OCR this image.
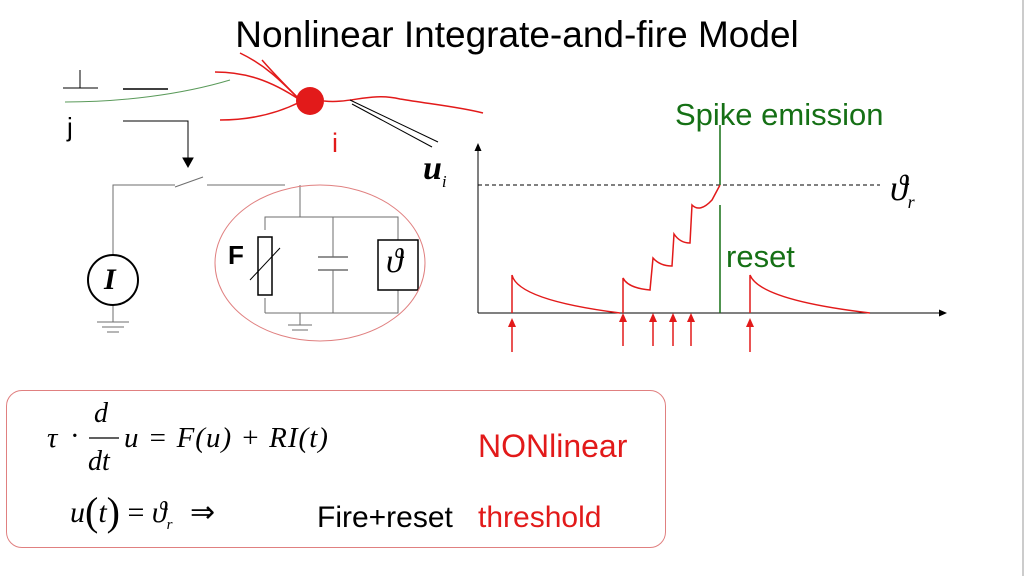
Nonlinear Integrate-and-fire Model
j
i
$u_i$
I
F	ϑ
Spike emission
reset
$ϑ_r$
τ ·
d
dt
u = F(u) + RI(t)
$u(t) = ϑ_r$ ⇒
NONlinear
Fire+reset threshold
